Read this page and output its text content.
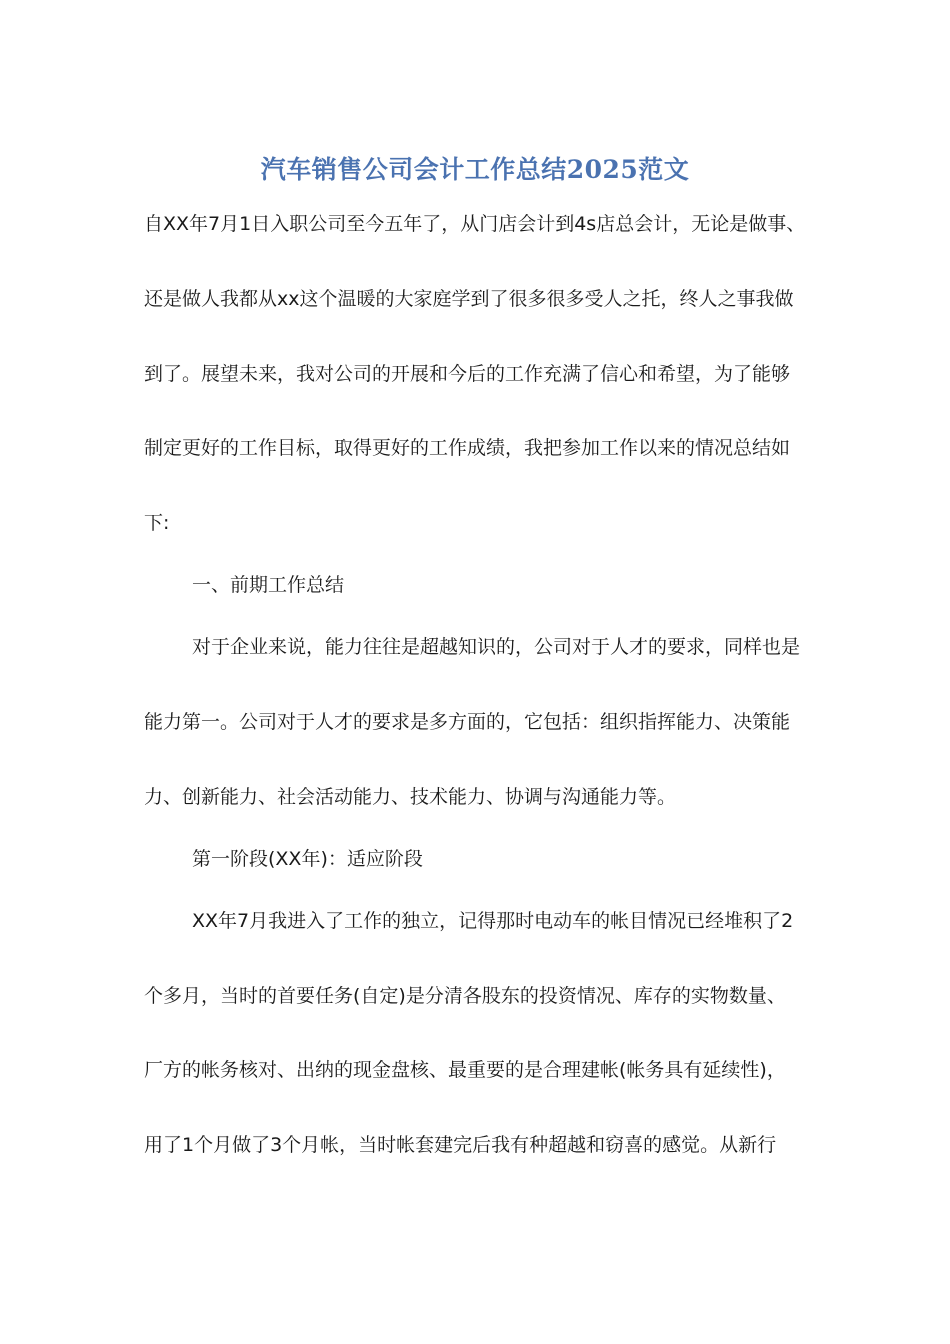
汽车销售公司会计工作总结2025范文
自XX年7月1日入职公司至今五年了，从门店会计到4s店总会计，无论是做事、
还是做人我都从xx这个温暖的大家庭学到了很多很多受人之托，终人之事我做
到了。展望未来，我对公司的开展和今后的工作充满了信心和希望，为了能够
制定更好的工作目标，取得更好的工作成绩，我把参加工作以来的情况总结如
下:
一、前期工作总结
对于企业来说，能力往往是超越知识的，公司对于人才的要求，同样也是
能力第一。公司对于人才的要求是多方面的，它包括：组织指挥能力、决策能
力、创新能力、社会活动能力、技术能力、协调与沟通能力等。
第一阶段(XX年)：适应阶段
XX年7月我进入了工作的独立，记得那时电动车的帐目情况已经堆积了2
个多月，当时的首要任务(自定)是分清各股东的投资情况、库存的实物数量、
厂方的帐务核对、出纳的现金盘核、最重要的是合理建帐(帐务具有延续性)，
用了1个月做了3个月帐，当时帐套建完后我有种超越和窃喜的感觉。从新行
